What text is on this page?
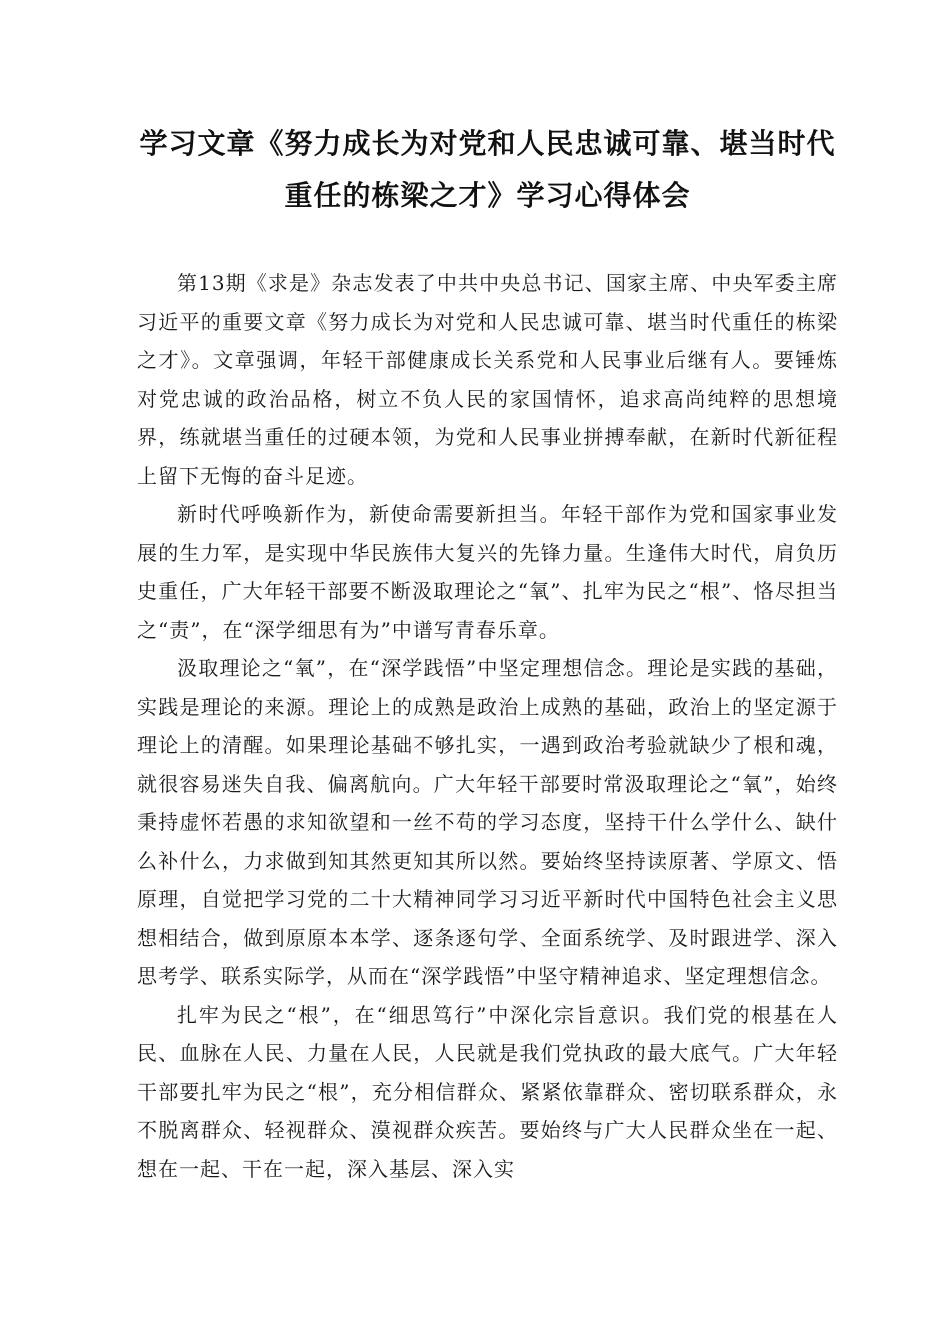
学习文章《努力成长为对党和人民忠诚可靠、堪当时代
重任的栋梁之才》学习心得体会

第13期《求是》杂志发表了中共中央总书记、国家主席、中央军委主席习近平的重要文章《努力成长为对党和人民忠诚可靠、堪当时代重任的栋梁之才》。文章强调，年轻干部健康成长关系党和人民事业后继有人。要锤炼对党忠诚的政治品格，树立不负人民的家国情怀，追求高尚纯粹的思想境界，练就堪当重任的过硬本领，为党和人民事业拼搏奉献，在新时代新征程上留下无悔的奋斗足迹。

新时代呼唤新作为，新使命需要新担当。年轻干部作为党和国家事业发展的生力军，是实现中华民族伟大复兴的先锋力量。生逢伟大时代，肩负历史重任，广大年轻干部要不断汲取理论之“氧”、扎牢为民之“根”、恪尽担当之“责”，在“深学细思有为”中谱写青春乐章。

汲取理论之“氧”，在“深学践悟”中坚定理想信念。理论是实践的基础，实践是理论的来源。理论上的成熟是政治上成熟的基础，政治上的坚定源于理论上的清醒。如果理论基础不够扎实，一遇到政治考验就缺少了根和魂，就很容易迷失自我、偏离航向。广大年轻干部要时常汲取理论之“氧”，始终秉持虚怀若愚的求知欲望和一丝不苟的学习态度，坚持干什么学什么、缺什么补什么，力求做到知其然更知其所以然。要始终坚持读原著、学原文、悟原理，自觉把学习党的二十大精神同学习习近平新时代中国特色社会主义思想相结合，做到原原本本学、逐条逐句学、全面系统学、及时跟进学、深入思考学、联系实际学，从而在“深学践悟”中坚守精神追求、坚定理想信念。

扎牢为民之“根”，在“细思笃行”中深化宗旨意识。我们党的根基在人民、血脉在人民、力量在人民，人民就是我们党执政的最大底气。广大年轻干部要扎牢为民之“根”，充分相信群众、紧紧依靠群众、密切联系群众，永不脱离群众、轻视群众、漠视群众疾苦。要始终与广大人民群众坐在一起、想在一起、干在一起，深入基层、深入实
